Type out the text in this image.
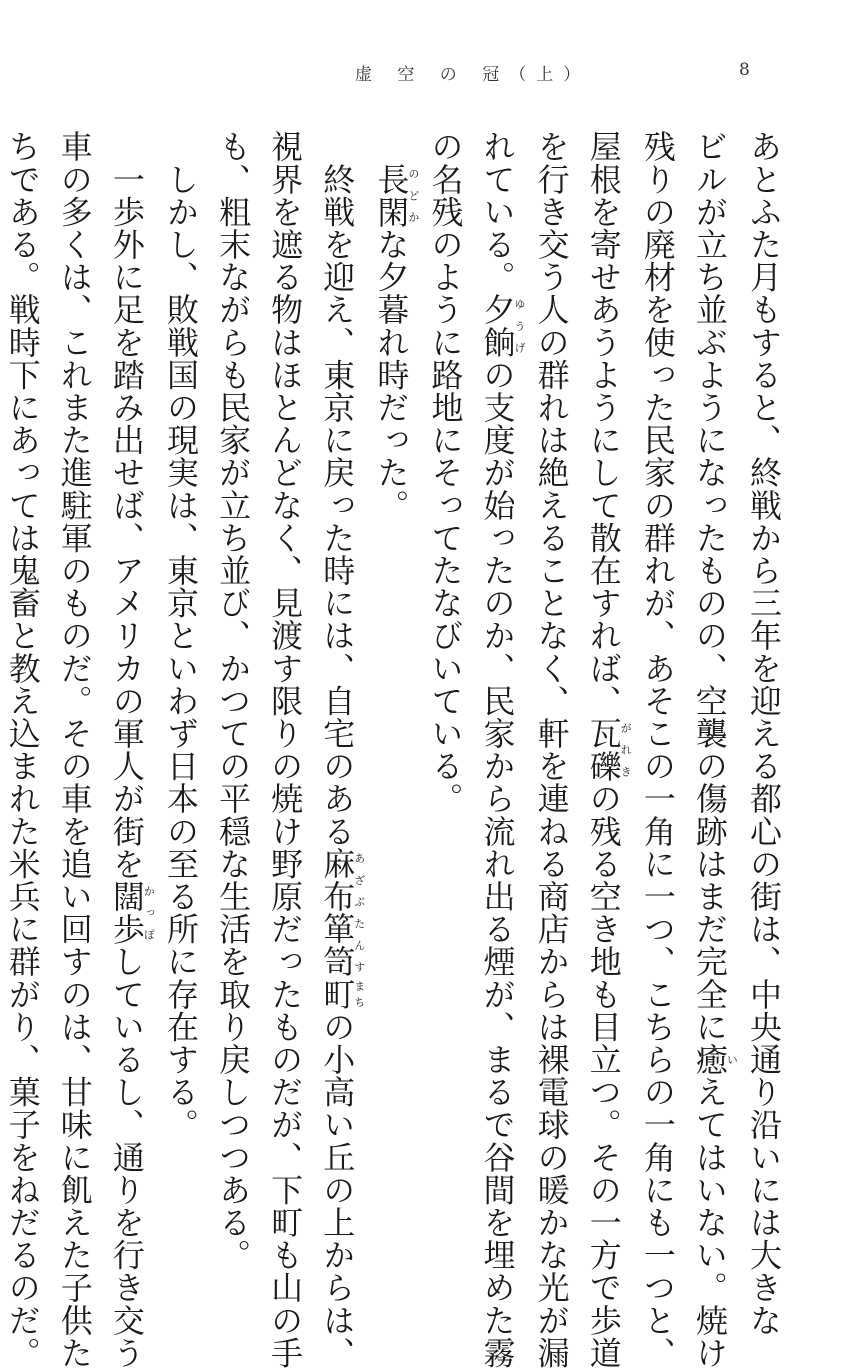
虚 空 の 冠（上）	8
あとふた月もすると、終戦から三年を迎える都心の街は、中央通り沿いには大きな
ビルが立ち並ぶようになったものの、空襲の傷跡はまだ完全に癒いえてはいない。焼け
残りの廃材を使った民家の群れが、あそこの一角に一つ、こちらの一角にも一つと、
屋根を寄せあうようにして散在すれば、瓦礫がれきの残る空き地も目立つ。その一方で歩道
を行き交う人の群れは絶えることなく、軒を連ねる商店からは裸電球の暖かな光が漏
れている。夕餉ゆうげの支度が始ったのか、民家から流れ出る煙が、まるで谷間を埋めた霧
の名残のように路地にそってたなびいている。
　長閑のどかな夕暮れ時だった。
　終戦を迎え、東京に戻った時には、自宅のある麻布あざぶ箪笥たんす町まちの小高い丘の上からは、
視界を遮る物はほとんどなく、見渡す限りの焼け野原だったものだが、下町も山の手
も、粗末ながらも民家が立ち並び、かつての平穏な生活を取り戻しつつある。
　しかし、敗戦国の現実は、東京といわず日本の至る所に存在する。
　一歩外に足を踏み出せば、アメリカの軍人が街を闊歩かっぽしているし、通りを行き交う
車の多くは、これまた進駐軍のものだ。その車を追い回すのは、甘味に飢えた子供た
ちである。戦時下にあっては鬼畜と教え込まれた米兵に群がり、菓子をねだるのだ。
